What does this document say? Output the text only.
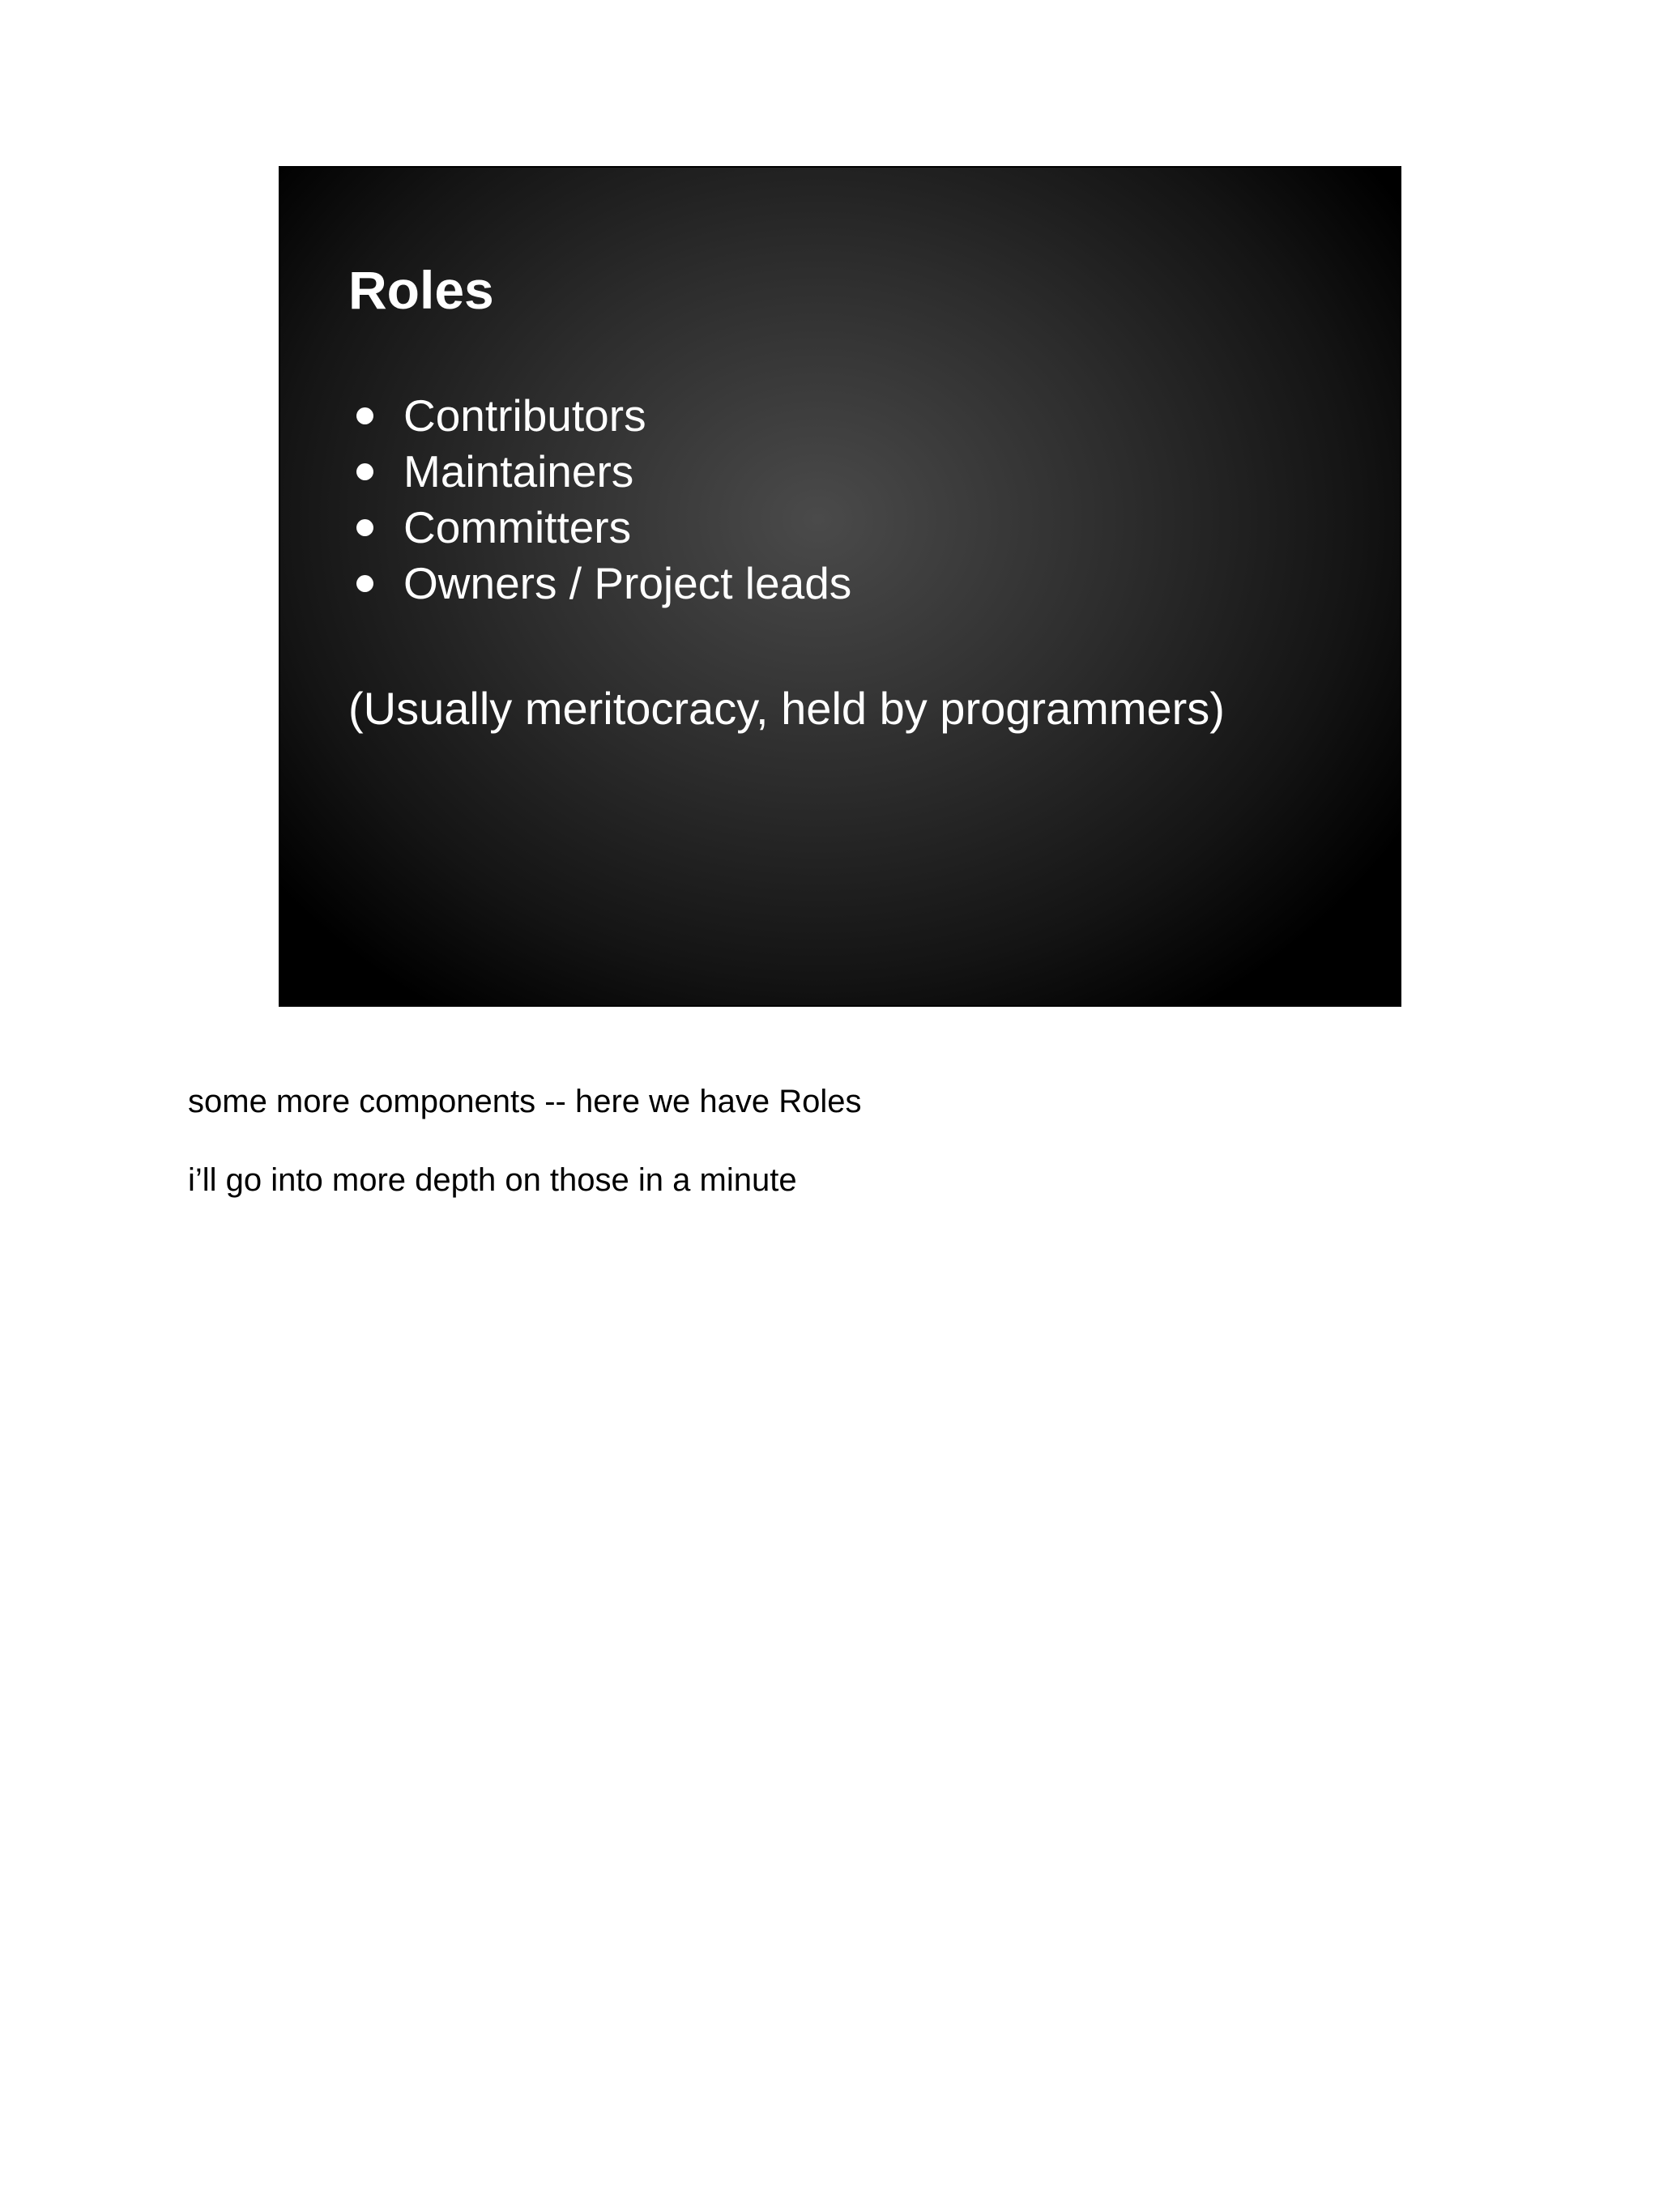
Roles
Contributors
Maintainers
Committers
Owners / Project leads

(Usually meritocracy, held by programmers)

some more components -- here we have Roles

i’ll go into more depth on those in a minute
